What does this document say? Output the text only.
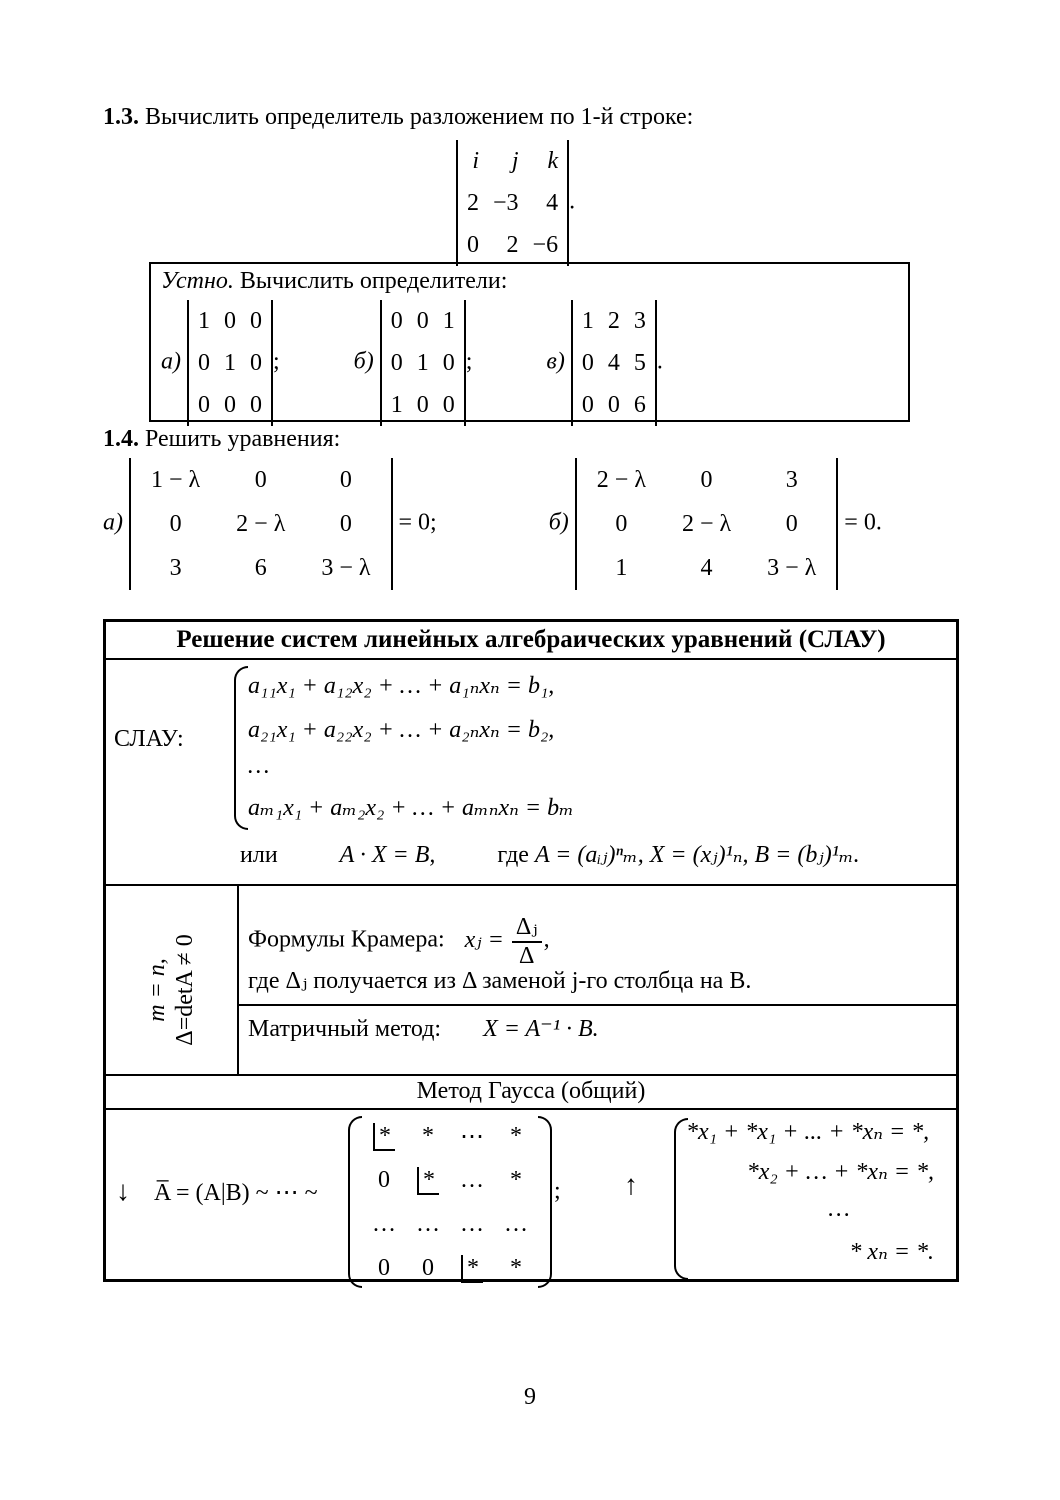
1.3. Вычислить определитель разложением по 1-й строке:
i	j	k
2	−3	4
0	2	−6
.
Устно. Вычислить определители:
а)
1	0	0
0	1	0
0	0	0
;	б)
0	0	1
0	1	0
1	0	0
;	в)
1	2	3
0	4	5
0	0	6
.
1.4. Решить уравнения:
а)
1 − λ	0	0
0	2 − λ	0
3	6	3 − λ
= 0;	б)
2 − λ	0	3
0	2 − λ	0
1	4	3 − λ
= 0.
Решение систем линейных алгебраических уравнений (СЛАУ)
СЛАУ:
a₁₁x₁ + a₁₂x₂ + … + a₁ₙxₙ = b₁,
a₂₁x₁ + a₂₂x₂ + … + a₂ₙxₙ = b₂,
…
aₘ₁x₁ + aₘ₂x₂ + … + aₘₙxₙ = bₘ
или	A · X = B,	где A = (aᵢⱼ)ⁿₘ, X = (xⱼ)¹ₙ, B = (bⱼ)¹ₘ.
m = n, Δ=detA ≠ 0 Формулы Крамера: xⱼ = $\frac{\text{Δⱼ}}{\Delta}$ ,
где Δⱼ получается из Δ заменой j-го столбца на B.
Матричный метод: X = A⁻¹ · B.
Метод Гаусса (общий)
↓ A̅ = (A|B) ~ ⋯ ~
*	*	⋯	*
0	*	…	*
…	…	…	…
0	0	*	*
; ↑
*x₁ + *x₁ + ... + *xₙ = *,
*x₂ + … + *xₙ = *,
…
* xₙ = *.
9
